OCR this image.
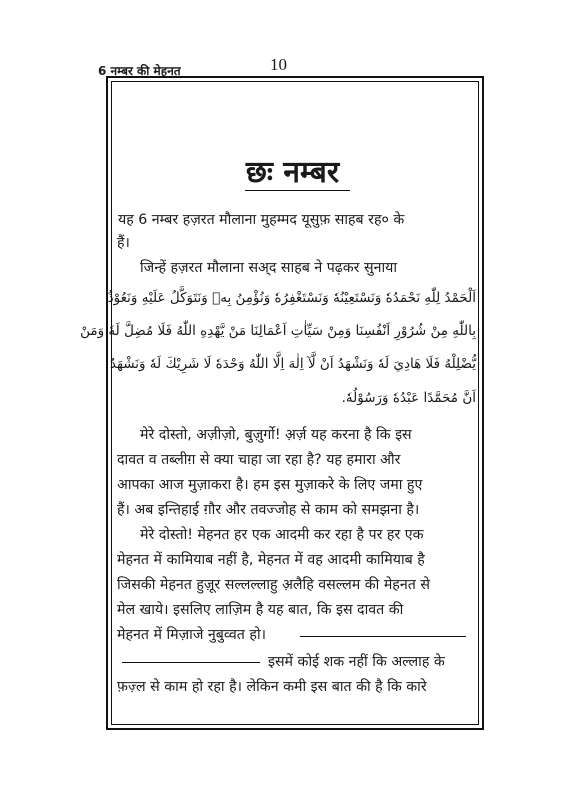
6 नम्बर की मेहनत	10
छः नम्बर
यह 6 नम्बर हज़रत मौलाना मुहम्मद यूसुफ़ साहब रह० के
हैं।
जिन्हें हज़रत मौलाना सअ्द साहब ने पढ़कर सुनाया
اَلْحَمْدُ لِلّٰهِ نَحْمَدُهٗ وَنَسْتَعِيْنُهٗ وَنَسْتَغْفِرُهٗ وَنُؤْمِنُ بِهٖ وَنَتَوَكَّلُ عَلَيْهِ وَنَعُوْذُ
بِاللّٰهِ مِنْ شُرُوْرِ اَنْفُسِنَا وَمِنْ سَيِّاٰتِ اَعْمَالِنَا مَنْ يَّهْدِهِ اللّٰهُ فَلَا مُضِلَّ لَهٗ وَمَنْ
يُّضْلِلْهُ فَلَا هَادِيَ لَهٗ وَنَشْهَدُ اَنْ لَّآ اِلٰهَ اِلَّا اللّٰهُ وَحْدَهٗ لَا شَرِيْكَ لَهٗ وَنَشْهَدُ
اَنَّ مُحَمَّدًا عَبْدُهٗ وَرَسُوْلُهٗ.
मेरे दोस्तो, अज़ीज़ो, बुज़ुर्गो! अ़र्ज़ यह करना है कि इस
दावत व तब्लीग़ से क्या चाहा जा रहा है? यह हमारा और
आपका आज मुज़ाकरा है। हम इस मुज़ाकरे के लिए जमा हुए
हैं। अब इन्तिहाई ग़ौर और तवज्जोह से काम को समझना है।
मेरे दोस्तो! मेहनत हर एक आदमी कर रहा है पर हर एक
मेहनत में कामियाब नहीं है, मेहनत में वह आदमी कामियाब है
जिसकी मेहनत हुज़ूर सल्लल्लाहु अ़लैहि वसल्लम की मेहनत से
मेल खाये। इसलिए लाज़िम है यह बात, कि इस दावत की
मेहनत में मिज़ाजे नुबुव्वत हो।
इसमें कोई शक नहीं कि अल्लाह के
फ़ज़्ल से काम हो रहा है। लेकिन कमी इस बात की है कि कारे
